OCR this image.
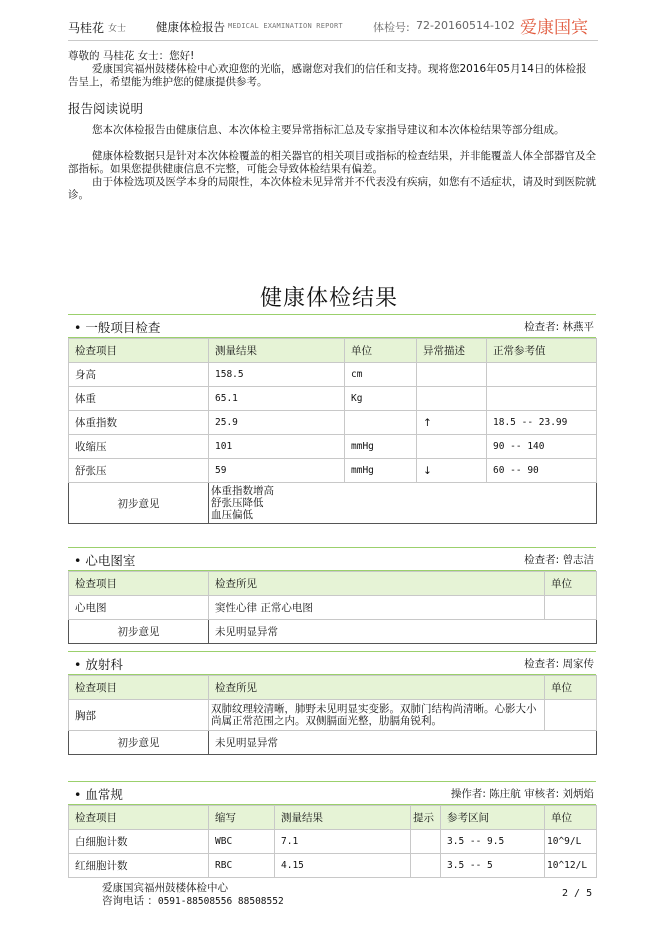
马桂花 女士	健康体检报告 MEDICAL EXAMINATION REPORT	体检号: 72-20160514-102 爱康国宾

尊敬的 马桂花 女士：您好!

爱康国宾福州鼓楼体检中心欢迎您的光临，感谢您对我们的信任和支持。现将您2016年05月14日的体检报告呈上，希望能为维护您的健康提供参考。

报告阅读说明

您本次体检报告由健康信息、本次体检主要异常指标汇总及专家指导建议和本次体检结果等部分组成。

健康体检数据只是针对本次体检覆盖的相关器官的相关项目或指标的检查结果，并非能覆盖人体全部器官及全部指标。如果您提供健康信息不完整，可能会导致体检结果有偏差。

由于体检选项及医学本身的局限性，本次体检未见异常并不代表没有疾病，如您有不适症状，请及时到医院就诊。

健康体检结果
• 一般项目检查	检查者: 林燕平
检查项目	测量结果	单位	异常描述	正常参考值
身高	158.5	cm		
体重	65.1	Kg		
体重指数	25.9		↑	18.5 -- 23.99
收缩压	101	mmHg		90 -- 140
舒张压	59	mmHg	↓	60 -- 90
初步意见	体重指数增高
舒张压降低
血压偏低			
• 心电图室	检查者: 曾志洁
检查项目	检查所见	单位
心电图	窦性心律 正常心电图	
初步意见	未见明显异常	
• 放射科	检查者: 周家传
检查项目	检查所见	单位
胸部	双肺纹理较清晰，肺野未见明显实变影。双肺门结构尚清晰。心影大小尚属正常范围之内。双侧膈面光整，肋膈角锐利。	
初步意见	未见明显异常	
• 血常规	操作者: 陈庄航 审核者: 刘炳焰
检查项目	缩写	测量结果	提示	参考区间	单位
白细胞计数	WBC	7.1		3.5 -- 9.5	10^9/L
红细胞计数	RBC	4.15		3.5 -- 5	10^12/L
爱康国宾福州鼓楼体检中心
咨询电话 ：0591-88508556 88508552
2 / 5
